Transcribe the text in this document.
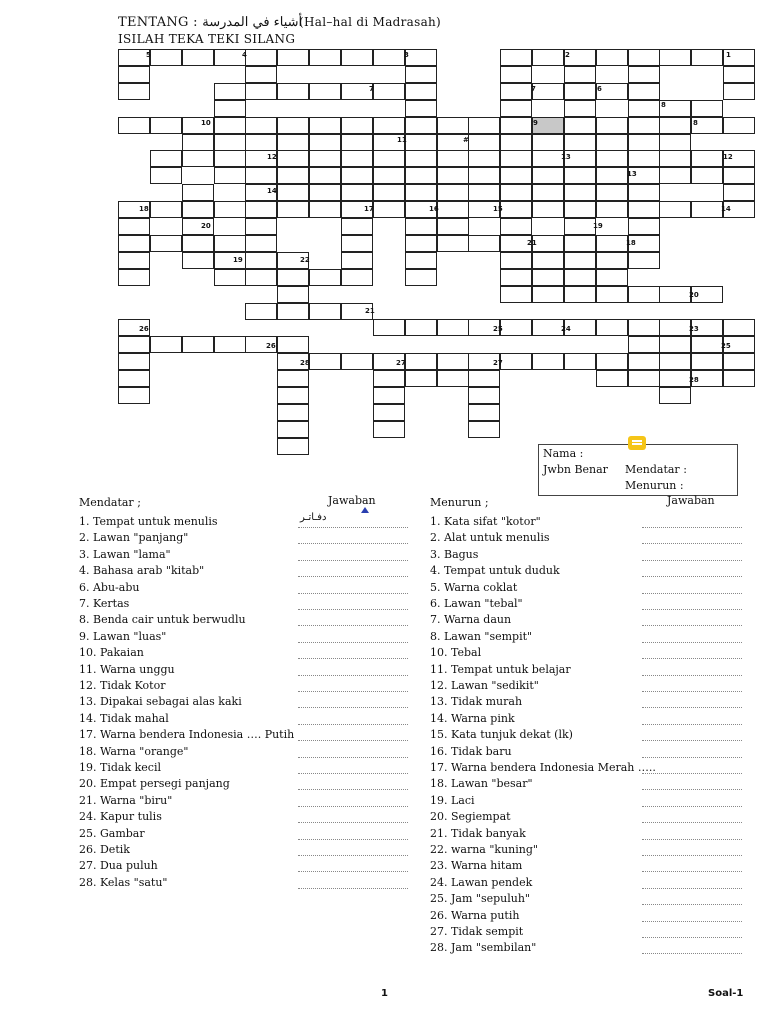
TENTANG : أشياء في المدرسة
(Hal–hal di Madrasah)
ISILAH TEKA TEKI SILANG
5	4	3	2	1
7	7	6
8
10	9	8
11	#
12	13	12
13
14
18	17	16	15	14
20	19
21	18
19	22
20
21
26	25	24	23
26	25
28	27	27
28
Nama :
Jwbn Benar Mendatar :
Menurun :
Mendatar ;	Jawaban
دفـاتـر
Menurun ;	Jawaban
1. Tempat untuk menulis
2. Lawan "panjang"
3. Lawan "lama"
4. Bahasa arab "kitab"
6. Abu-abu
7. Kertas
8. Benda cair untuk berwudlu
9. Lawan "luas"
10. Pakaian
11. Warna unggu
12. Tidak Kotor
13. Dipakai sebagai alas kaki
14. Tidak mahal
17. Warna bendera Indonesia …. Putih
18. Warna "orange"
19. Tidak kecil
20. Empat persegi panjang
21. Warna "biru"
24. Kapur tulis
25. Gambar
26. Detik
27. Dua puluh
28. Kelas "satu"
1. Kata sifat "kotor"
2. Alat untuk menulis
3. Bagus
4. Tempat untuk duduk
5. Warna coklat
6. Lawan "tebal"
7. Warna daun
8. Lawan "sempit"
10. Tebal
11. Tempat untuk belajar
12. Lawan "sedikit"
13. Tidak murah
14. Warna pink
15. Kata tunjuk dekat (lk)
16. Tidak baru
17. Warna bendera Indonesia Merah …..
18. Lawan "besar"
19. Laci
20. Segiempat
21. Tidak banyak
22. warna "kuning"
23. Warna hitam
24. Lawan pendek
25. Jam "sepuluh"
26. Warna putih
27. Tidak sempit
28. Jam "sembilan"
1	Soal-1
